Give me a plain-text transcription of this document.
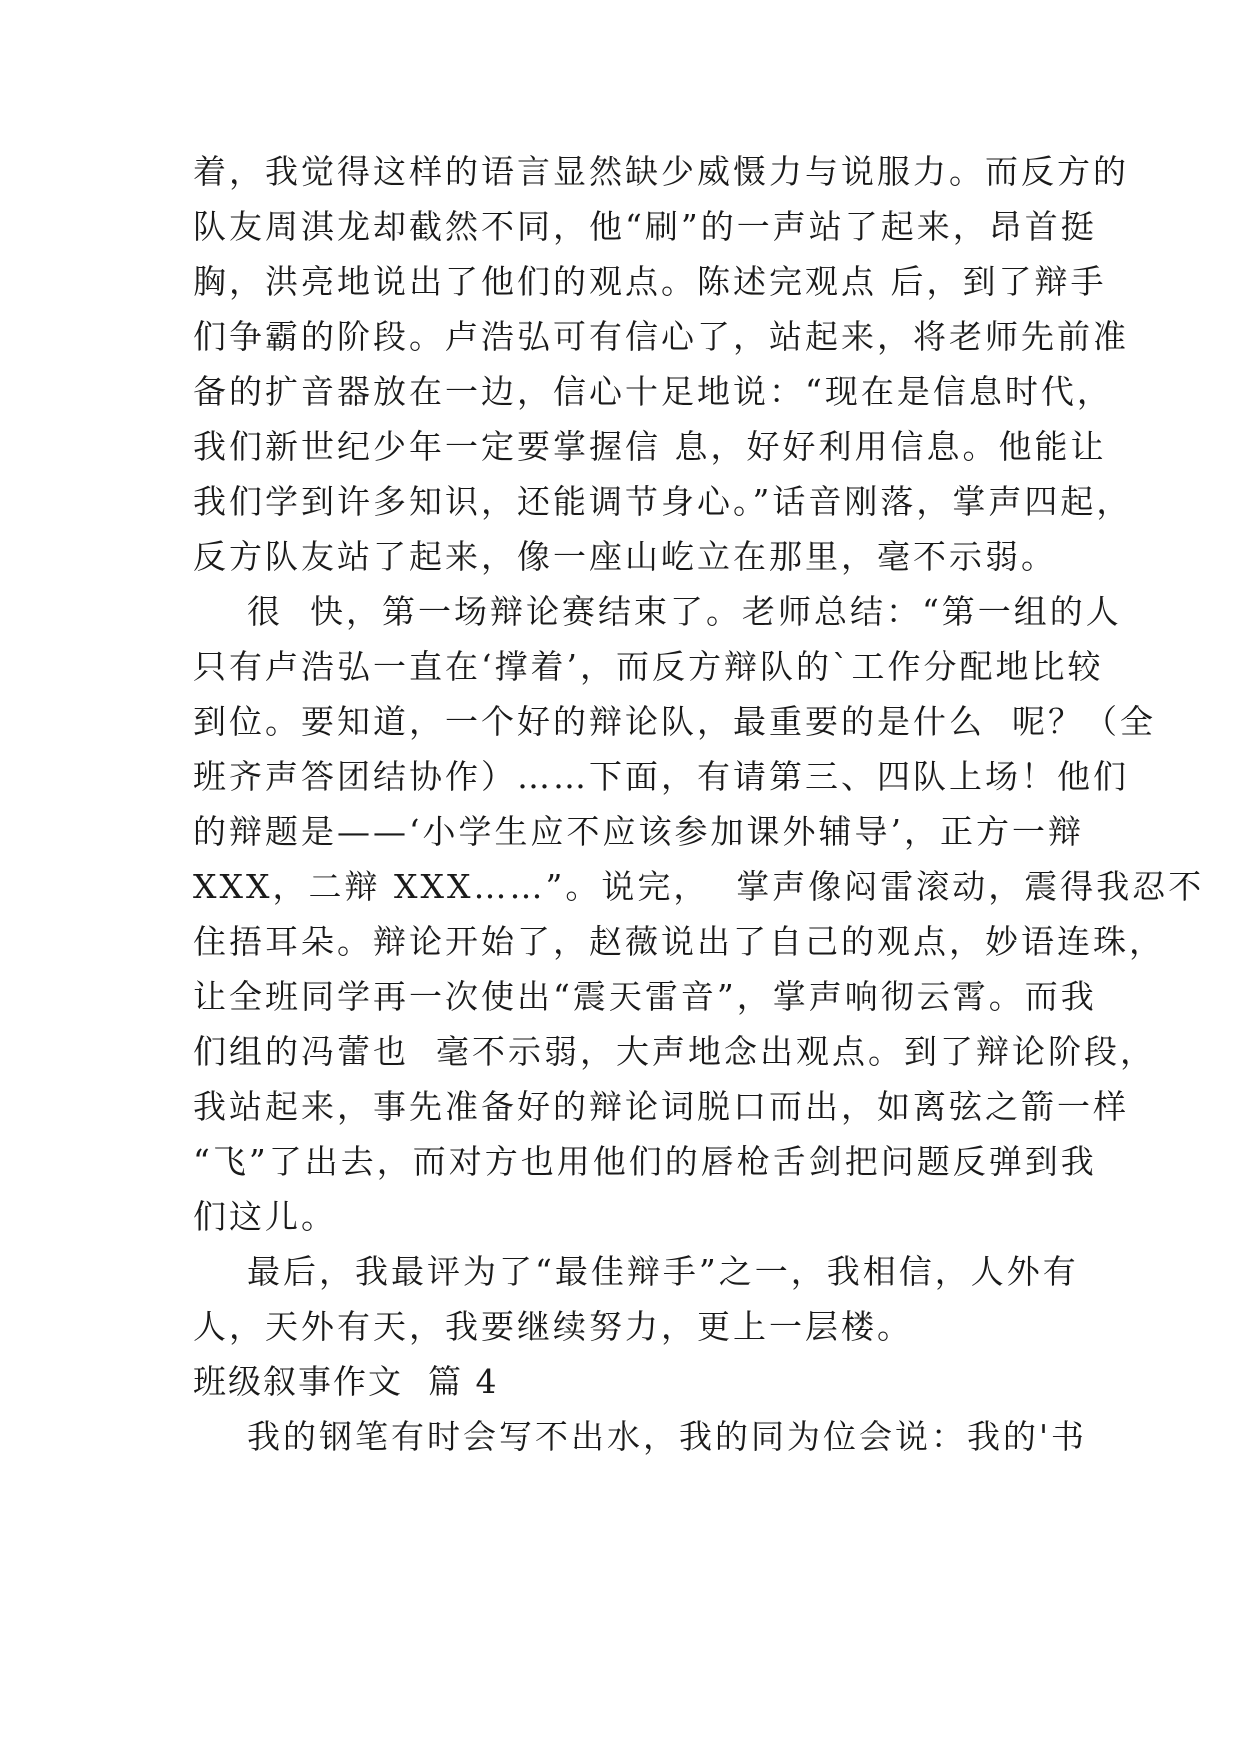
着，我觉得这样的语言显然缺少威慑力与说服力。而反方的
队友周淇龙却截然不同，他“刷”的一声站了起来，昂首挺
胸，洪亮地说出了他们的观点。陈述完观点 后，到了辩手
们争霸的阶段。卢浩弘可有信心了，站起来，将老师先前准
备的扩音器放在一边，信心十足地说：“现在是信息时代，
我们新世纪少年一定要掌握信 息，好好利用信息。他能让
我们学到许多知识，还能调节身心。”话音刚落，掌声四起，
反方队友站了起来，像一座山屹立在那里，毫不示弱。
很  快，第一场辩论赛结束了。老师总结：“第一组的人
只有卢浩弘一直在‘撑着’，而反方辩队的`工作分配地比较
到位。要知道，一个好的辩论队，最重要的是什么  呢？（全
班齐声答团结协作）……下面，有请第三、四队上场！他们
的辩题是——‘小学生应不应该参加课外辅导’，正方一辩
XXX，二辩 XXX……”。说完，  掌声像闷雷滚动，震得我忍不
住捂耳朵。辩论开始了，赵薇说出了自己的观点，妙语连珠，
让全班同学再一次使出“震天雷音”，掌声响彻云霄。而我
们组的冯蕾也  毫不示弱，大声地念出观点。到了辩论阶段，
我站起来，事先准备好的辩论词脱口而出，如离弦之箭一样
“飞”了出去，而对方也用他们的唇枪舌剑把问题反弹到我
们这儿。
最后，我最评为了“最佳辩手”之一，我相信，人外有
人，天外有天，我要继续努力，更上一层楼。
班级叙事作文  篇 4
我的钢笔有时会写不出水，我的同为位会说：我的'书
